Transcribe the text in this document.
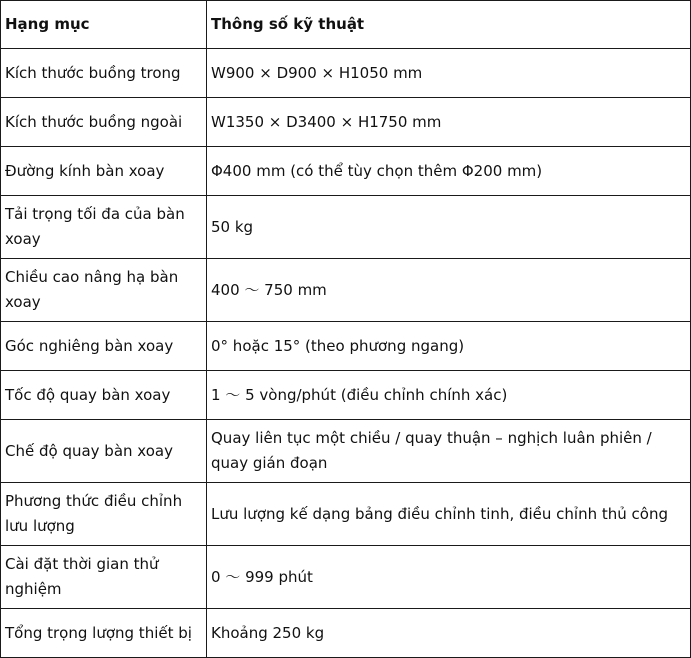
Hạng mục	Thông số kỹ thuật
Kích thước buồng trong	W900 × D900 × H1050 mm
Kích thước buồng ngoài	W1350 × D3400 × H1750 mm
Đường kính bàn xoay	Φ400 mm (có thể tùy chọn thêm Φ200 mm)
Tải trọng tối đa của bàn xoay	50 kg
Chiều cao nâng hạ bàn xoay	400 ～ 750 mm
Góc nghiêng bàn xoay	0° hoặc 15° (theo phương ngang)
Tốc độ quay bàn xoay	1 ～ 5 vòng/phút (điều chỉnh chính xác)
Chế độ quay bàn xoay	Quay liên tục một chiều / quay thuận – nghịch luân phiên / quay gián đoạn
Phương thức điều chỉnh lưu lượng	Lưu lượng kế dạng bảng điều chỉnh tinh, điều chỉnh thủ công
Cài đặt thời gian thử nghiệm	0 ～ 999 phút
Tổng trọng lượng thiết bị	Khoảng 250 kg
